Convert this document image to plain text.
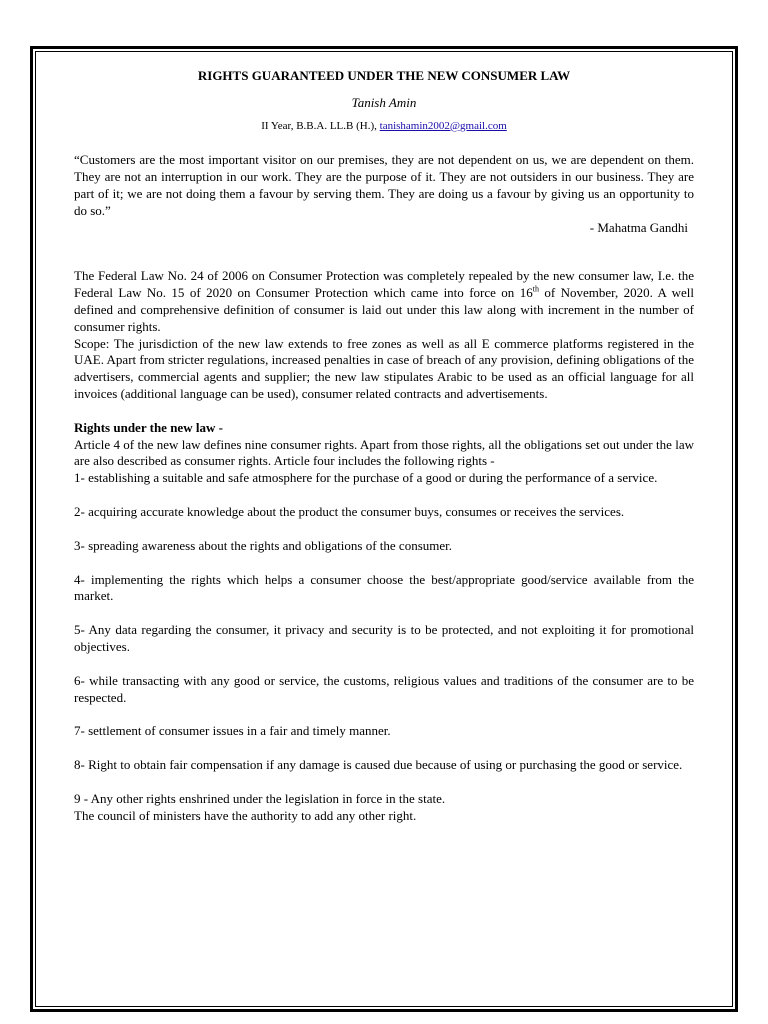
RIGHTS GUARANTEED UNDER THE NEW CONSUMER LAW
Tanish Amin
II Year, B.B.A. LL.B (H.), tanishamin2002@gmail.com

“Customers are the most important visitor on our premises, they are not dependent on us, we are dependent on them. They are not an interruption in our work. They are the purpose of it. They are not outsiders in our business. They are part of it; we are not doing them a favour by serving them. They are doing us a favour by giving us an opportunity to do so.”

- Mahatma Gandhi

The Federal Law No. 24 of 2006 on Consumer Protection was completely repealed by the new consumer law, I.e. the Federal Law No. 15 of 2020 on Consumer Protection which came into force on 16th of November, 2020. A well defined and comprehensive definition of consumer is laid out under this law along with increment in the number of consumer rights.

Scope: The jurisdiction of the new law extends to free zones as well as all E commerce platforms registered in the UAE. Apart from stricter regulations, increased penalties in case of breach of any provision, defining obligations of the advertisers, commercial agents and supplier; the new law stipulates Arabic to be used as an official language for all invoices (additional language can be used), consumer related contracts and advertisements.

Rights under the new law -

Article 4 of the new law defines nine consumer rights. Apart from those rights, all the obligations set out under the law are also described as consumer rights. Article four includes the following rights -

1- establishing a suitable and safe atmosphere for the purchase of a good or during the performance of a service.

2- acquiring accurate knowledge about the product the consumer buys, consumes or receives the services.

3- spreading awareness about the rights and obligations of the consumer.

4- implementing the rights which helps a consumer choose the best/appropriate good/service available from the market.

5- Any data regarding the consumer, it privacy and security is to be protected, and not exploiting it for promotional objectives.

6- while transacting with any good or service, the customs, religious values and traditions of the consumer are to be respected.

7- settlement of consumer issues in a fair and timely manner.

8- Right to obtain fair compensation if any damage is caused due because of using or purchasing the good or service.

9 - Any other rights enshrined under the legislation in force in the state.

The council of ministers have the authority to add any other right.
